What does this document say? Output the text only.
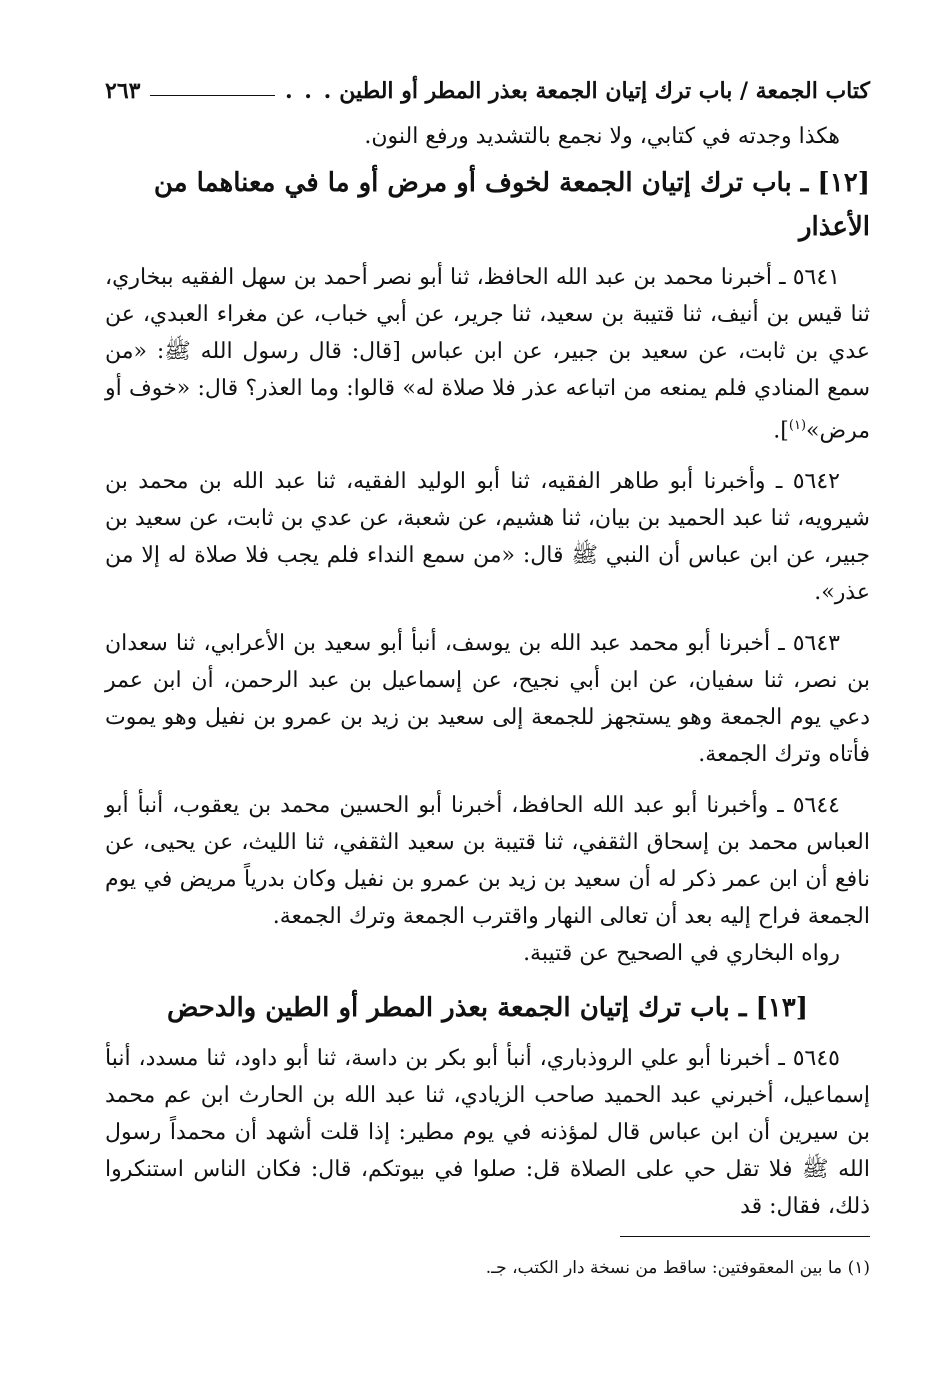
كتاب الجمعة / باب ترك إتيان الجمعة بعذر المطر أو الطين
. . .
٢٦٣

هكذا وجدته في كتابي، ولا نجمع بالتشديد ورفع النون.

[١٢] ـ باب ترك إتيان الجمعة لخوف أو مرض أو ما في معناهما من الأعذار

٥٦٤١ ـ أخبرنا محمد بن عبد الله الحافظ، ثنا أبو نصر أحمد بن سهل الفقيه ببخاري، ثنا قيس بن أنيف، ثنا قتيبة بن سعيد، ثنا جرير، عن أبي خباب، عن مغراء العبدي، عن عدي بن ثابت، عن سعيد بن جبير، عن ابن عباس [قال: قال رسول الله ﷺ: «من سمع المنادي فلم يمنعه من اتباعه عذر فلا صلاة له» قالوا: وما العذر؟ قال: «خوف أو مرض»$^{(١)}$].

٥٦٤٢ ـ وأخبرنا أبو طاهر الفقيه، ثنا أبو الوليد الفقيه، ثنا عبد الله بن محمد بن شيرويه، ثنا عبد الحميد بن بيان، ثنا هشيم، عن شعبة، عن عدي بن ثابت، عن سعيد بن جبير، عن ابن عباس أن النبي ﷺ قال: «من سمع النداء فلم يجب فلا صلاة له إلا من عذر».

٥٦٤٣ ـ أخبرنا أبو محمد عبد الله بن يوسف، أنبأ أبو سعيد بن الأعرابي، ثنا سعدان بن نصر، ثنا سفيان، عن ابن أبي نجيح، عن إسماعيل بن عبد الرحمن، أن ابن عمر دعي يوم الجمعة وهو يستجهز للجمعة إلى سعيد بن زيد بن عمرو بن نفيل وهو يموت فأتاه وترك الجمعة.

٥٦٤٤ ـ وأخبرنا أبو عبد الله الحافظ، أخبرنا أبو الحسين محمد بن يعقوب، أنبأ أبو العباس محمد بن إسحاق الثقفي، ثنا قتيبة بن سعيد الثقفي، ثنا الليث، عن يحيى، عن نافع أن ابن عمر ذكر له أن سعيد بن زيد بن عمرو بن نفيل وكان بدرياً مريض في يوم الجمعة فراح إليه بعد أن تعالى النهار واقترب الجمعة وترك الجمعة.

رواه البخاري في الصحيح عن قتيبة.

[١٣] ـ باب ترك إتيان الجمعة بعذر المطر أو الطين والدحض

٥٦٤٥ ـ أخبرنا أبو علي الروذباري، أنبأ أبو بكر بن داسة، ثنا أبو داود، ثنا مسدد، أنبأ إسماعيل، أخبرني عبد الحميد صاحب الزيادي، ثنا عبد الله بن الحارث ابن عم محمد بن سيرين أن ابن عباس قال لمؤذنه في يوم مطير: إذا قلت أشهد أن محمداً رسول الله ﷺ فلا تقل حي على الصلاة قل: صلوا في بيوتكم، قال: فكان الناس استنكروا ذلك، فقال: قد

(١) ما بين المعقوفتين: ساقط من نسخة دار الكتب، جـ.
